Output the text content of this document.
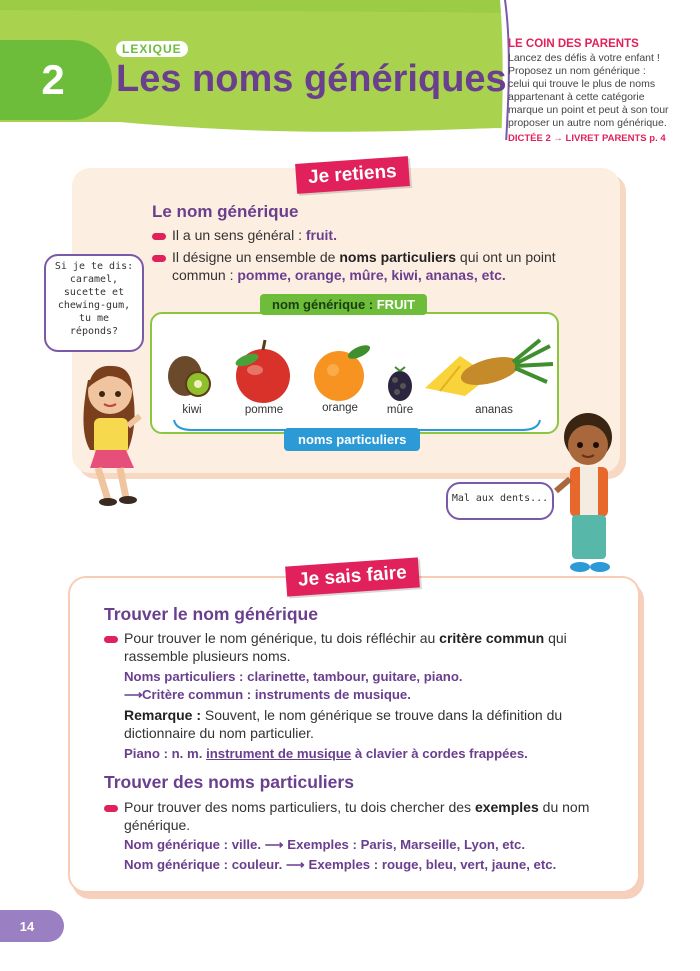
2
LEXIQUE
Les noms génériques
LE COIN DES PARENTS
Lancez des défis à votre enfant !
Proposez un nom générique :
celui qui trouve le plus de noms
appartenant à cette catégorie
marque un point et peut à son tour
proposer un autre nom générique.
DICTÉE 2 → LIVRET PARENTS p. 4
Je retiens
Le nom générique
Il a un sens général : fruit.
Il désigne un ensemble de noms particuliers qui ont un point
commun : pomme, orange, mûre, kiwi, ananas, etc.
nom générique : FRUIT
kiwi	pomme	orange	mûre	ananas
noms particuliers
Si je te dis:
caramel,
sucette et
chewing-gum,
tu me
réponds?
Mal aux dents...
Je sais faire
Trouver le nom générique
Pour trouver le nom générique, tu dois réfléchir au critère commun qui
rassemble plusieurs noms.
Noms particuliers : clarinette, tambour, guitare, piano.
⟶Critère commun : instruments de musique.
Remarque : Souvent, le nom générique se trouve dans la définition du
dictionnaire du nom particulier.
Piano : n. m. instrument de musique à clavier à cordes frappées.
Trouver des noms particuliers
Pour trouver des noms particuliers, tu dois chercher des exemples du nom
générique.
Nom générique : ville. ⟶ Exemples : Paris, Marseille, Lyon, etc.
Nom générique : couleur. ⟶ Exemples : rouge, bleu, vert, jaune, etc.
14
